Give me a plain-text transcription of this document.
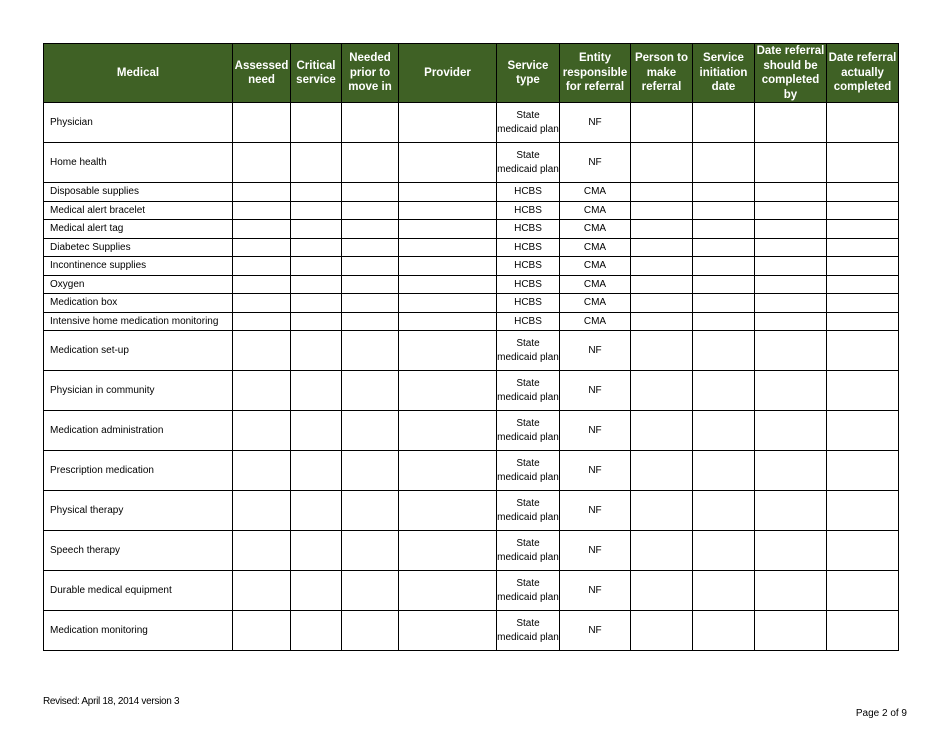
Medical	Assessed need	Critical service	Needed prior to move in	Provider	Service type	Entity responsible for referral	Person to make referral	Service initiation date	Date referral should be completed by	Date referral actually completed
Physician					State medicaid plan	NF				
Home health					State medicaid plan	NF				
Disposable supplies					HCBS	CMA				
Medical alert bracelet					HCBS	CMA				
Medical alert tag					HCBS	CMA				
Diabetec Supplies					HCBS	CMA				
Incontinence supplies					HCBS	CMA				
Oxygen					HCBS	CMA				
Medication box					HCBS	CMA				
Intensive home medication monitoring					HCBS	CMA				
Medication set-up					State medicaid plan	NF				
Physician in community					State medicaid plan	NF				
Medication administration					State medicaid plan	NF				
Prescription medication					State medicaid plan	NF				
Physical therapy					State medicaid plan	NF				
Speech therapy					State medicaid plan	NF				
Durable medical equipment					State medicaid plan	NF				
Medication monitoring					State medicaid plan	NF				
Revised: April 18, 2014 version 3
Page 2 of 9
